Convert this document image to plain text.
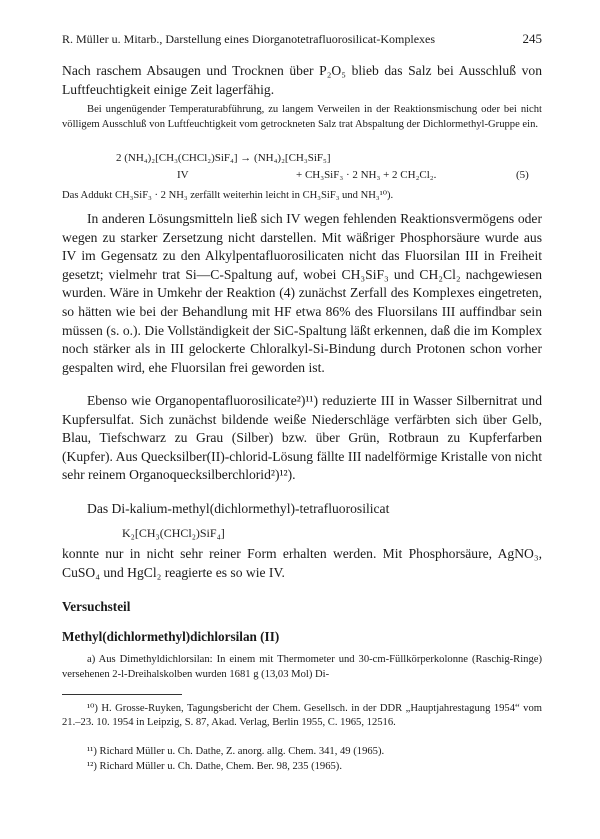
R. Müller u. Mitarb., Darstellung eines Diorganotetrafluorosilicat-Komplexes	245
Nach raschem Absaugen und Trocknen über P₂O₅ blieb das Salz bei Ausschluß von Luftfeuchtigkeit einige Zeit lagerfähig.
Bei ungenügender Temperaturabführung, zu langem Verweilen in der Reaktionsmischung oder bei nicht völligem Ausschluß von Luftfeuchtigkeit vom getrockneten Salz trat Abspaltung der Dichlormethyl-Gruppe ein.
2 (NH₄)₂[CH₃(CHCl₂)SiF₄] → (NH₄)₂[CH₃SiF₅]
IV	+ CH₃SiF₃ · 2 NH₃ + 2 CH₂Cl₂.	(5)
Das Addukt CH₃SiF₃ · 2 NH₃ zerfällt weiterhin leicht in CH₃SiF₃ und NH₃¹⁰).
In anderen Lösungsmitteln ließ sich IV wegen fehlenden Reaktionsvermögens oder wegen zu starker Zersetzung nicht darstellen. Mit wäßriger Phosphorsäure wurde aus IV im Gegensatz zu den Alkylpentafluorosilicaten nicht das Fluorsilan III in Freiheit gesetzt; vielmehr trat Si—C-Spaltung auf, wobei CH₃SiF₃ und CH₂Cl₂ nachgewiesen wurden. Wäre in Umkehr der Reaktion (4) zunächst Zerfall des Komplexes eingetreten, so hätten wie bei der Behandlung mit HF etwa 86% des Fluorsilans III auffindbar sein müssen (s. o.). Die Vollständigkeit der SiC-Spaltung läßt erkennen, daß die im Komplex noch stärker als in III gelockerte Chloralkyl-Si-Bindung durch Protonen schon vorher gespalten wird, ehe Fluorsilan frei geworden ist.
Ebenso wie Organopentafluorosilicate²)¹¹) reduzierte III in Wasser Silbernitrat und Kupfersulfat. Sich zunächst bildende weiße Niederschläge verfärbten sich über Gelb, Blau, Tiefschwarz zu Grau (Silber) bzw. über Grün, Rotbraun zu Kupferfarben (Kupfer). Aus Quecksilber(II)-chlorid-Lösung fällte III nadelförmige Kristalle von nicht sehr reinem Organoquecksilberchlorid²)¹²).
Das Di-kalium-methyl(dichlormethyl)-tetrafluorosilicat
K₂[CH₃(CHCl₂)SiF₄]
konnte nur in nicht sehr reiner Form erhalten werden. Mit Phosphorsäure, AgNO₃, CuSO₄ und HgCl₂ reagierte es so wie IV.
Versuchsteil
Methyl(dichlormethyl)dichlorsilan (II)
a) Aus Dimethyldichlorsilan: In einem mit Thermometer und 30-cm-Füllkörperkolonne (Raschig-Ringe) versehenen 2-l-Dreihalskolben wurden 1681 g (13,03 Mol) Di-
¹⁰) H. Grosse-Ruyken, Tagungsbericht der Chem. Gesellsch. in der DDR „Hauptjahrestagung 1954“ vom 21.–23. 10. 1954 in Leipzig, S. 87, Akad. Verlag, Berlin 1955, C. 1965, 12516.
¹¹) Richard Müller u. Ch. Dathe, Z. anorg. allg. Chem. 341, 49 (1965).
¹²) Richard Müller u. Ch. Dathe, Chem. Ber. 98, 235 (1965).
